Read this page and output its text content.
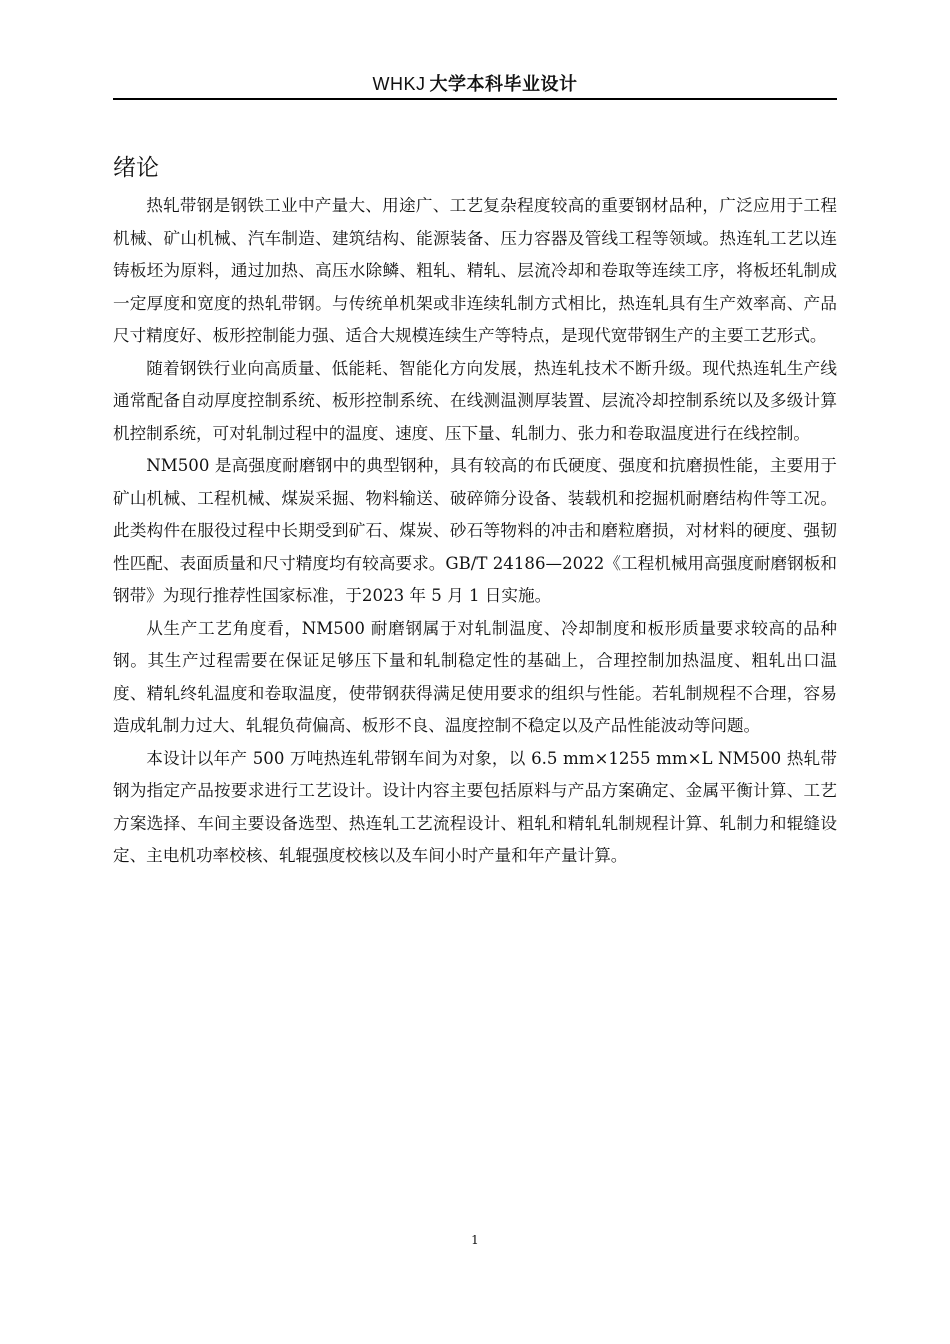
WHKJ 大学本科毕业设计
绪论

热轧带钢是钢铁工业中产量大、用途广、工艺复杂程度较高的重要钢材品种，广泛应用于工程机械、矿山机械、汽车制造、建筑结构、能源装备、压力容器及管线工程等领域。热连轧工艺以连铸板坯为原料，通过加热、高压水除鳞、粗轧、精轧、层流冷却和卷取等连续工序，将板坯轧制成一定厚度和宽度的热轧带钢。与传统单机架或非连续轧制方式相比，热连轧具有生产效率高、产品尺寸精度好、板形控制能力强、适合大规模连续生产等特点，是现代宽带钢生产的主要工艺形式。

随着钢铁行业向高质量、低能耗、智能化方向发展，热连轧技术不断升级。现代热连轧生产线通常配备自动厚度控制系统、板形控制系统、在线测温测厚装置、层流冷却控制系统以及多级计算机控制系统，可对轧制过程中的温度、速度、压下量、轧制力、张力和卷取温度进行在线控制。

NM500 是高强度耐磨钢中的典型钢种，具有较高的布氏硬度、强度和抗磨损性能，主要用于矿山机械、工程机械、煤炭采掘、物料输送、破碎筛分设备、装载机和挖掘机耐磨结构件等工况。此类构件在服役过程中长期受到矿石、煤炭、砂石等物料的冲击和磨粒磨损，对材料的硬度、强韧性匹配、表面质量和尺寸精度均有较高要求。GB/T 24186—2022《工程机械用高强度耐磨钢板和钢带》为现行推荐性国家标准，于2023 年 5 月 1 日实施。

从生产工艺角度看，NM500 耐磨钢属于对轧制温度、冷却制度和板形质量要求较高的品种钢。其生产过程需要在保证足够压下量和轧制稳定性的基础上，合理控制加热温度、粗轧出口温度、精轧终轧温度和卷取温度，使带钢获得满足使用要求的组织与性能。若轧制规程不合理，容易造成轧制力过大、轧辊负荷偏高、板形不良、温度控制不稳定以及产品性能波动等问题。

本设计以年产 500 万吨热连轧带钢车间为对象，以 6.5 mm×1255 mm×L NM500 热轧带钢为指定产品按要求进行工艺设计。设计内容主要包括原料与产品方案确定、金属平衡计算、工艺方案选择、车间主要设备选型、热连轧工艺流程设计、粗轧和精轧轧制规程计算、轧制力和辊缝设定、主电机功率校核、轧辊强度校核以及车间小时产量和年产量计算。

1
